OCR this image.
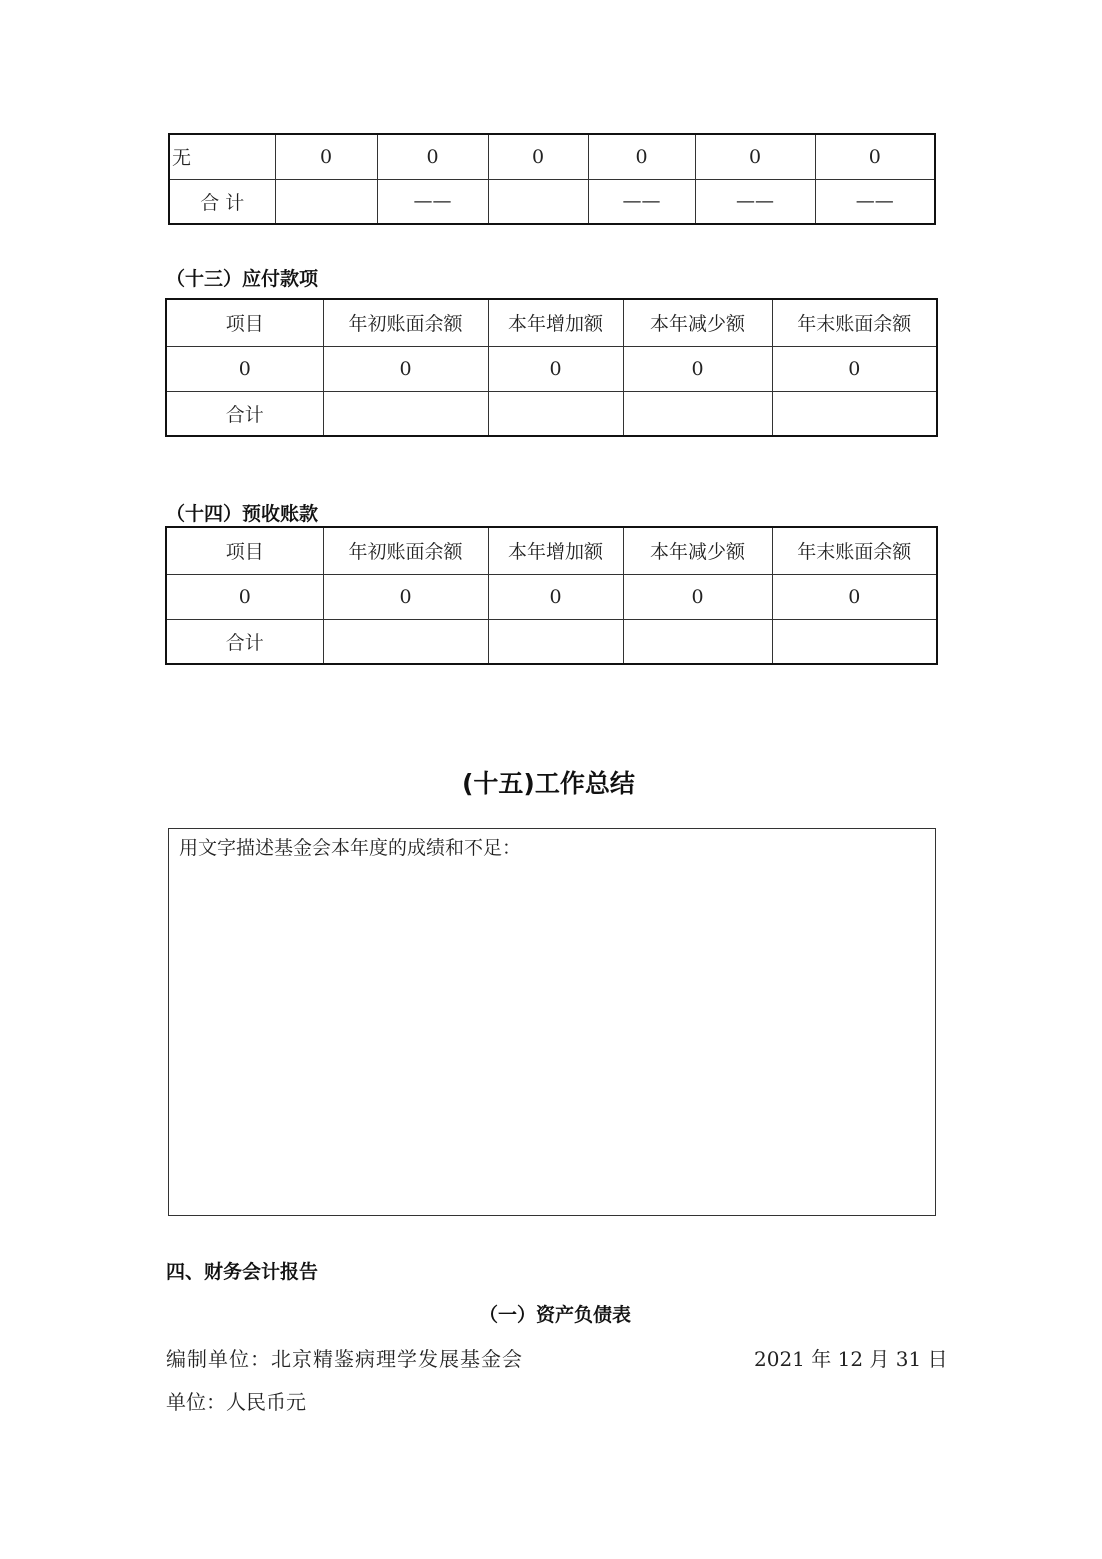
无	0	0	0	0	0	0
合 计		——		——	——	——
（十三）应付款项
项目	年初账面余额	本年增加额	本年减少额	年末账面余额
0	0	0	0	0
合计				
（十四）预收账款
项目	年初账面余额	本年增加额	本年减少额	年末账面余额
0	0	0	0	0
合计				
(十五)工作总结
用文字描述基金会本年度的成绩和不足：
四、财务会计报告
（一）资产负债表
编制单位：北京精鉴病理学发展基金会	2021 年 12 月 31 日
单位：人民币元
